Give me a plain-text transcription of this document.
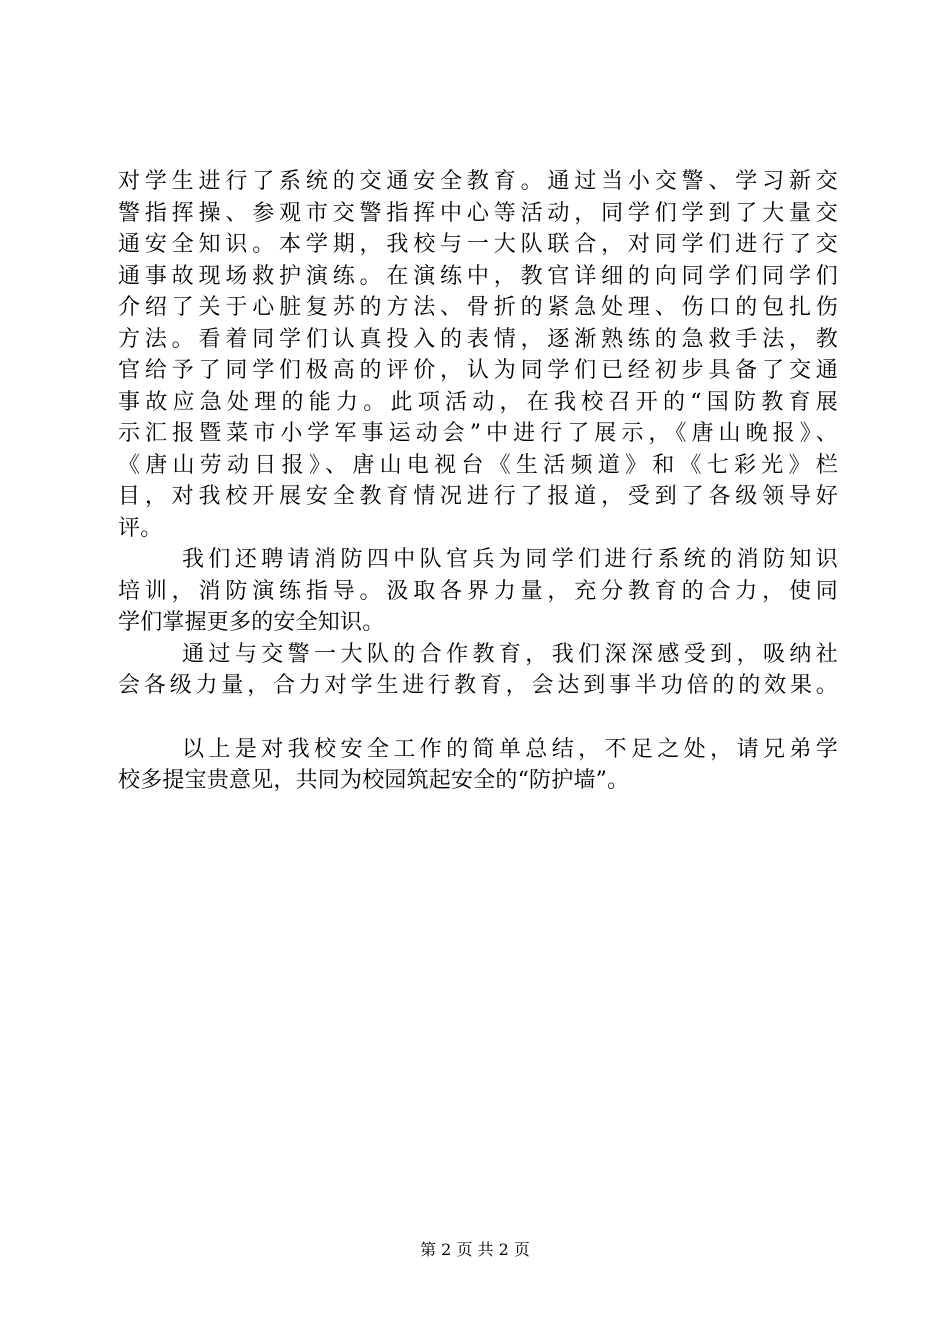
对学生进行了系统的交通安全教育。通过当小交警、学习新交
警指挥操、参观市交警指挥中心等活动，同学们学到了大量交
通安全知识。本学期，我校与一大队联合，对同学们进行了交
通事故现场救护演练。在演练中，教官详细的向同学们同学们
介绍了关于心脏复苏的方法、骨折的紧急处理、伤口的包扎伤
方法。看着同学们认真投入的表情，逐渐熟练的急救手法，教
官给予了同学们极高的评价，认为同学们已经初步具备了交通
事故应急处理的能力。此项活动，在我校召开的“国防教育展
示汇报暨菜市小学军事运动会”中进行了展示，《唐山晚报》、
《唐山劳动日报》、唐山电视台《生活频道》和《七彩光》栏
目，对我校开展安全教育情况进行了报道，受到了各级领导好
评。
我们还聘请消防四中队官兵为同学们进行系统的消防知识
培训，消防演练指导。汲取各界力量，充分教育的合力，使同
学们掌握更多的安全知识。
通过与交警一大队的合作教育，我们深深感受到，吸纳社
会各级力量，合力对学生进行教育，会达到事半功倍的的效果。
以上是对我校安全工作的简单总结，不足之处，请兄弟学
校多提宝贵意见，共同为校园筑起安全的“防护墙”。
第 2 页 共 2 页
